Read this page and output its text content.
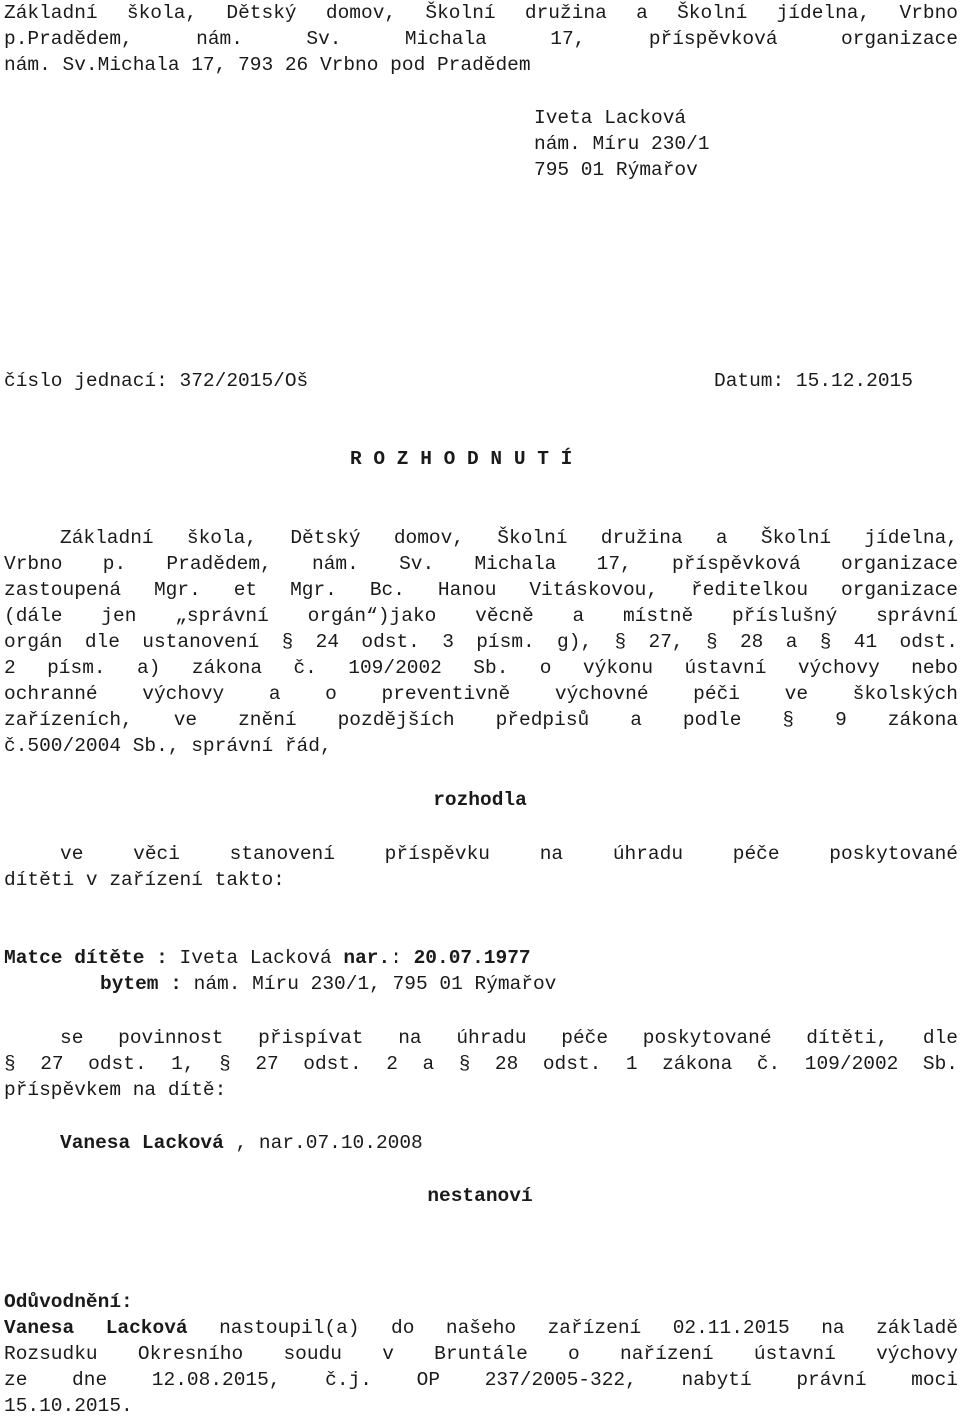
Základní škola, Dětský domov, Školní družina a Školní jídelna, Vrbno
p.Pradědem, nám. Sv. Michala 17, příspěvková organizace
nám. Sv.Michala 17, 793 26 Vrbno pod Pradědem
Iveta Lacková
nám. Míru 230/1
795 01 Rýmařov
číslo jednací: 372/2015/Oš	Datum: 15.12.2015
R O Z H O D N U T Í
Základní škola, Dětský domov, Školní družina a Školní jídelna,
Vrbno p. Pradědem, nám. Sv. Michala 17, příspěvková organizace
zastoupená Mgr. et Mgr. Bc. Hanou Vitáskovou, ředitelkou organizace
(dále jen „správní orgán“)jako věcně a místně příslušný správní
orgán dle ustanovení § 24 odst. 3 písm. g), § 27, § 28 a § 41 odst.
2 písm. a) zákona č. 109/2002 Sb. o výkonu ústavní výchovy nebo
ochranné výchovy a o preventivně výchovné péči ve školských
zařízeních, ve znění pozdějších předpisů a podle § 9 zákona
č.500/2004 Sb., správní řád,
rozhodla
ve věci stanovení příspěvku na úhradu péče poskytované
dítěti v zařízení takto:
Matce dítěte : Iveta Lacková nar.: 20.07.1977
bytem : nám. Míru 230/1, 795 01 Rýmařov
se povinnost přispívat na úhradu péče poskytované dítěti, dle
§ 27 odst. 1, § 27 odst. 2 a § 28 odst. 1 zákona č. 109/2002 Sb.
příspěvkem na dítě:
Vanesa Lacková , nar.07.10.2008
nestanoví
Odůvodnění:
Vanesa Lacková nastoupil(a) do našeho zařízení 02.11.2015 na základě
Rozsudku Okresního soudu v Bruntále o nařízení ústavní výchovy
ze dne 12.08.2015, č.j. OP 237/2005-322, nabytí právní moci
15.10.2015.
